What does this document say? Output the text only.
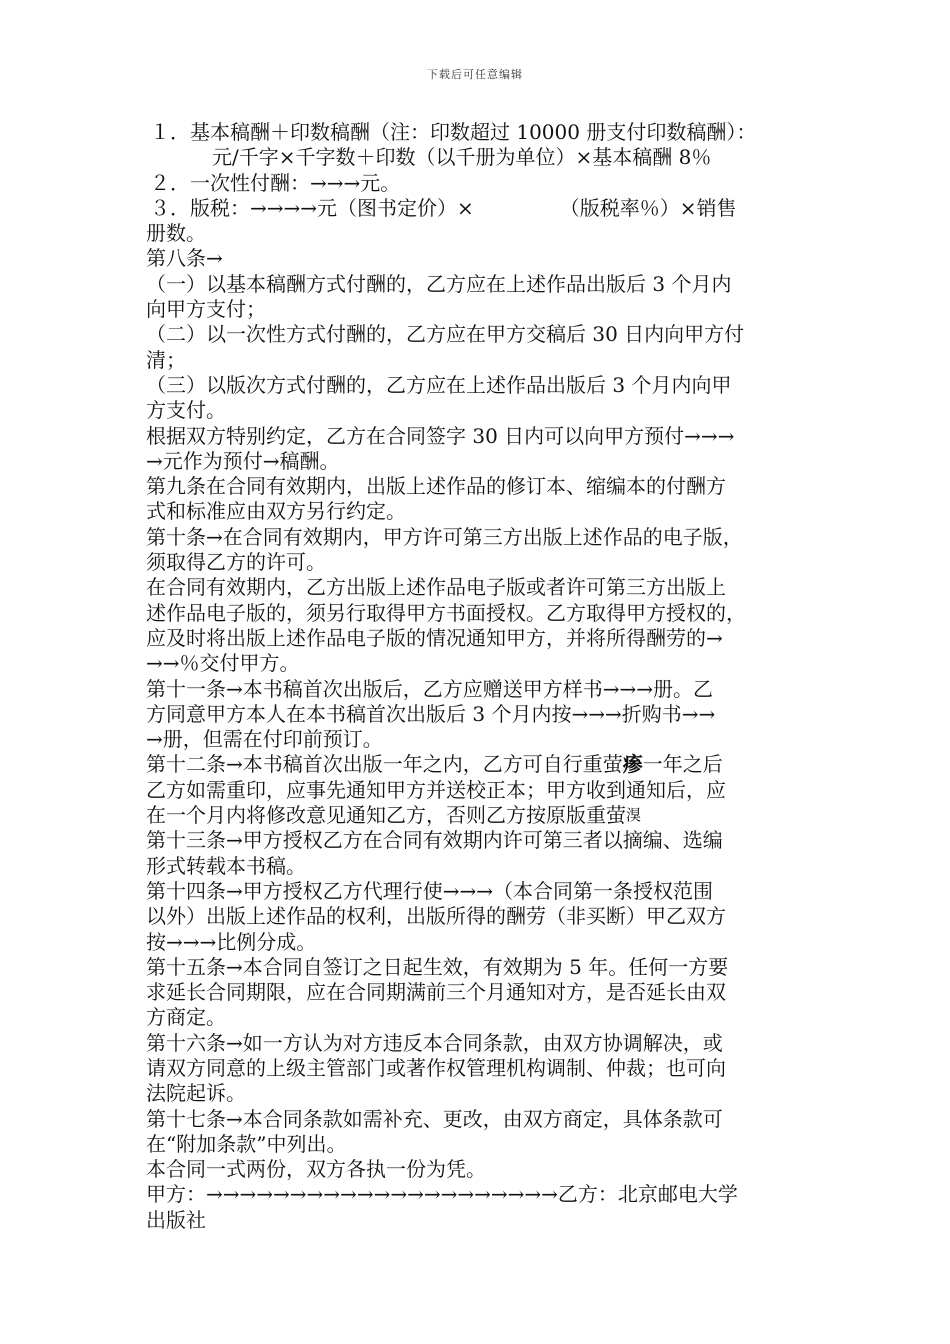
下载后可任意编辑
１．基本稿酬＋印数稿酬（注：印数超过 10000 册支付印数稿酬）：
元/千字×千字数＋印数（以千册为单位）×基本稿酬 8％
２．一次性付酬：→→→元。
３．版税：→→→→元（图书定价）×	（版税率％）×销售
册数。
第八条→
（一）以基本稿酬方式付酬的，乙方应在上述作品出版后 3 个月内
向甲方支付；
（二）以一次性方式付酬的，乙方应在甲方交稿后 30 日内向甲方付
清；
（三）以版次方式付酬的，乙方应在上述作品出版后 3 个月内向甲
方支付。
根据双方特别约定，乙方在合同签字 30 日内可以向甲方预付→→→
→元作为预付→稿酬。
第九条在合同有效期内，出版上述作品的修订本、缩编本的付酬方
式和标准应由双方另行约定。
第十条→在合同有效期内，甲方许可第三方出版上述作品的电子版，
须取得乙方的许可。
在合同有效期内，乙方出版上述作品电子版或者许可第三方出版上
述作品电子版的，须另行取得甲方书面授权。乙方取得甲方授权的，
应及时将出版上述作品电子版的情况通知甲方，并将所得酬劳的→
→→％交付甲方。
第十一条→本书稿首次出版后，乙方应赠送甲方样书→→→册。乙
方同意甲方本人在本书稿首次出版后 3 个月内按→→→折购书→→
→册，但需在付印前预订。
第十二条→本书稿首次出版一年之内，乙方可自行重萤瘆一年之后
乙方如需重印，应事先通知甲方并送校正本；甲方收到通知后，应
在一个月内将修改意见通知乙方，否则乙方按原版重萤湨
第十三条→甲方授权乙方在合同有效期内许可第三者以摘编、选编
形式转载本书稿。
第十四条→甲方授权乙方代理行使→→→（本合同第一条授权范围
以外）出版上述作品的权利，出版所得的酬劳（非买断）甲乙双方
按→→→比例分成。
第十五条→本合同自签订之日起生效，有效期为 5 年。任何一方要
求延长合同期限，应在合同期满前三个月通知对方，是否延长由双
方商定。
第十六条→如一方认为对方违反本合同条款，由双方协调解决，或
请双方同意的上级主管部门或著作权管理机构调制、仲裁；也可向
法院起诉。
第十七条→本合同条款如需补充、更改，由双方商定，具体条款可
在“附加条款”中列出。
本合同一式两份，双方各执一份为凭。
甲方：→→→→→→→→→→→→→→→→→→→→→乙方：北京邮电大学
出版社
